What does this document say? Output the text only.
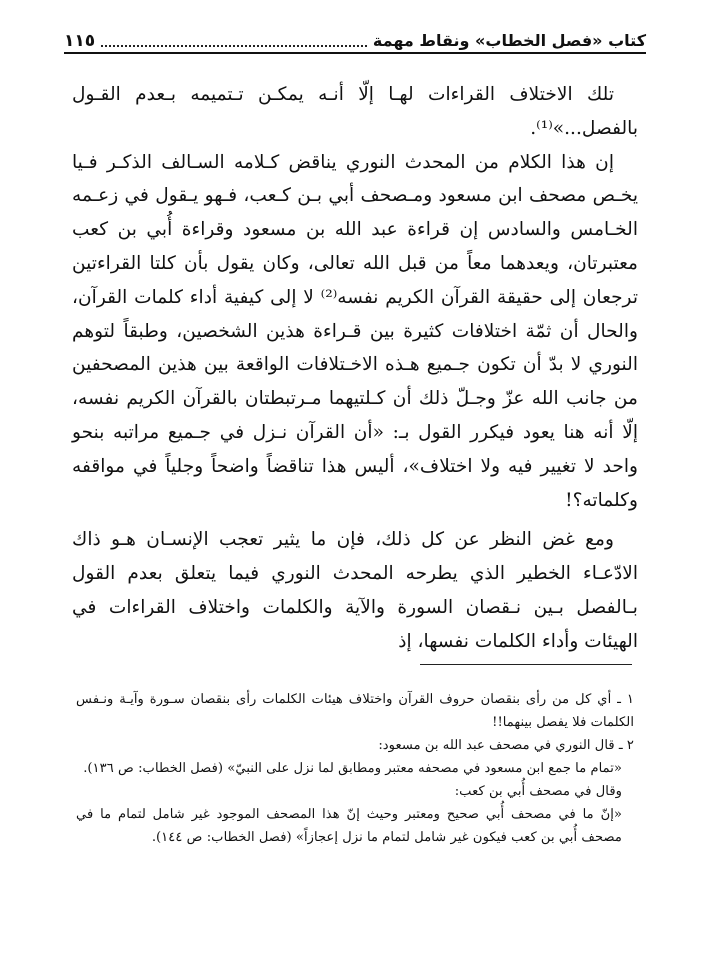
كتاب «فصل الخطاب» ونقاط مهمة
١١٥

تلك الاختلاف القراءات لهـا إلّا أنـه يمكـن تـتميمه بـعدم القـول بالفصل...»⁽¹⁾.

إن هذا الكلام من المحدث النوري يناقض كـلامه السـالف الذكـر فـيا يخـص مصحف ابن مسعود ومـصحف أبي بـن كـعب، فـهو يـقول في زعـمه الخـامس والسادس إن قراءة عبد الله بن مسعود وقراءة أُبي بن كعب معتبرتان، ويعدهما معاً من قبل الله تعالى، وكان يقول بأن كلتا القراءتين ترجعان إلى حقيقة القرآن الكريم نفسه⁽²⁾ لا إلى كيفية أداء كلمات القرآن، والحال أن ثمّة اختلافات كثيرة بين قـراءة هذين الشخصين، وطبقاً لتوهم النوري لا بدّ أن تكون جـميع هـذه الاخـتلافات الواقعة بين هذين المصحفين من جانب الله عزّ وجـلّ ذلك أن كـلتيهما مـرتبطتان بالقرآن الكريم نفسه، إلّا أنه هنا يعود فيكرر القول بـ: «أن القرآن نـزل في جـميع مراتبه بنحو واحد لا تغيير فيه ولا اختلاف»، أليس هذا تناقضاً واضحاً وجلياً في مواقفه وكلماته؟!

ومع غض النظر عن كل ذلك، فإن ما يثير تعجب الإنسـان هـو ذاك الادّعـاء الخطير الذي يطرحه المحدث النوري فيما يتعلق بعدم القول بـالفصل بـين نـقصان السورة والآية والكلمات واختلاف القراءات في الهيئات وأداء الكلمات نفسها، إذ

١ ـ أي كل من رأى بنقصان حروف القرآن واختلاف هيئات الكلمات رأى بنقصان سـورة وآيـة ونـفس الكلمات فلا يفصل بينهما!!

٢ ـ قال النوري في مصحف عبد الله بن مسعود:

«تمام ما جمع ابن مسعود في مصحفه معتبر ومطابق لما نزل على النبيّ» (فصل الخطاب: ص ١٣٦).

وقال في مصحف أُبي بن كعب:

«إنّ ما في مصحف أُبي صحيح ومعتبر وحيث إنّ هذا المصحف الموجود غير شامل لتمام ما في مصحف أُبي بن كعب فيكون غير شامل لتمام ما نزل إعجازاً» (فصل الخطاب: ص ١٤٤).
